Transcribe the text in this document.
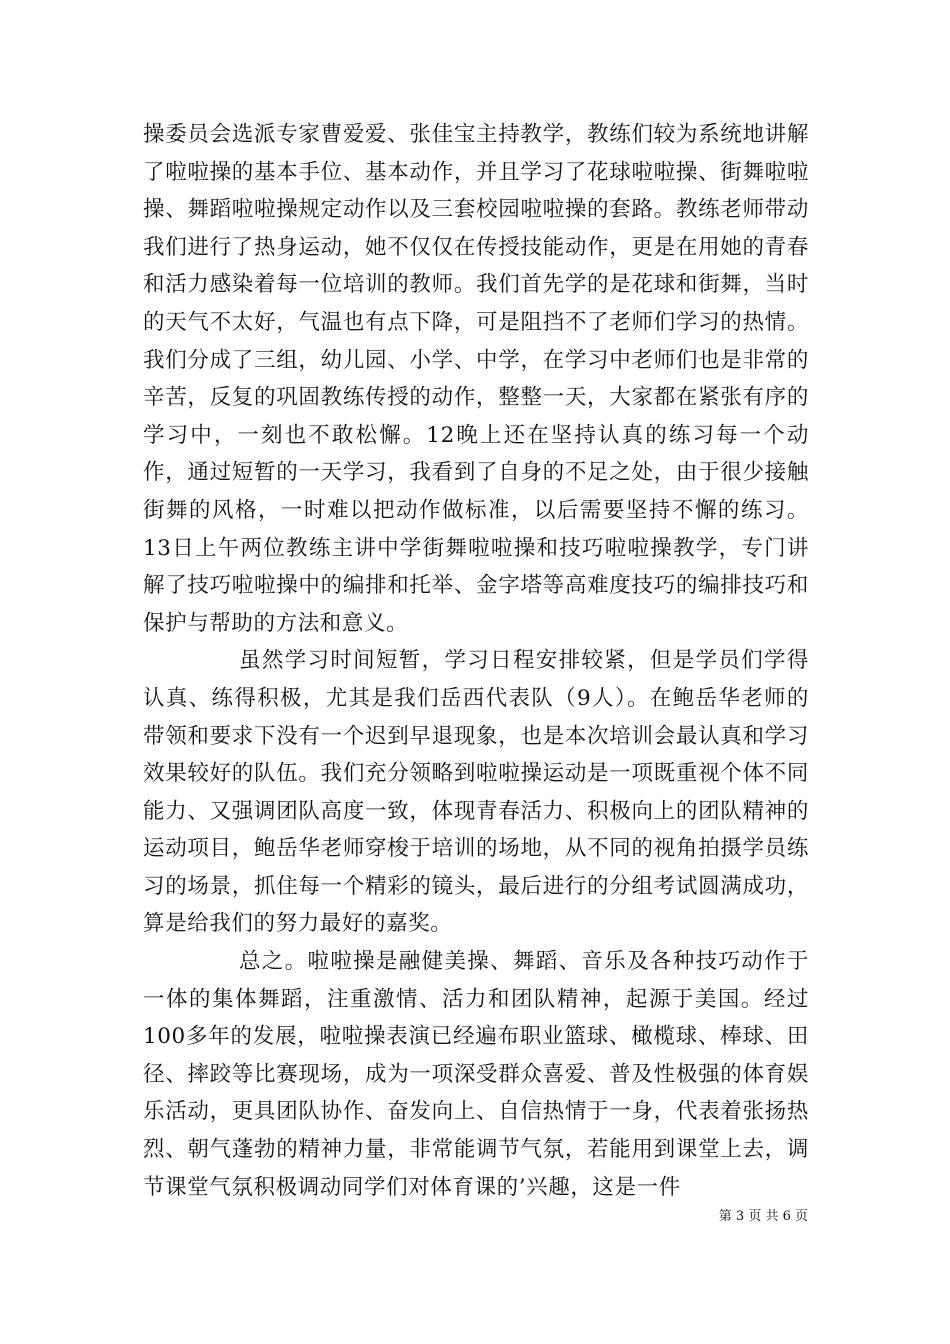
操委员会选派专家曹爱爱、张佳宝主持教学，教练们较为系统地讲解了啦啦操的基本手位、基本动作，并且学习了花球啦啦操、街舞啦啦操、舞蹈啦啦操规定动作以及三套校园啦啦操的套路。教练老师带动我们进行了热身运动，她不仅仅在传授技能动作，更是在用她的青春和活力感染着每一位培训的教师。我们首先学的是花球和街舞，当时的天气不太好，气温也有点下降，可是阻挡不了老师们学习的热情。我们分成了三组，幼儿园、小学、中学，在学习中老师们也是非常的辛苦，反复的巩固教练传授的动作，整整一天，大家都在紧张有序的学习中，一刻也不敢松懈。12晚上还在坚持认真的练习每一个动作，通过短暂的一天学习，我看到了自身的不足之处，由于很少接触街舞的风格，一时难以把动作做标准，以后需要坚持不懈的练习。13日上午两位教练主讲中学街舞啦啦操和技巧啦啦操教学，专门讲解了技巧啦啦操中的编排和托举、金字塔等高难度技巧的编排技巧和保护与帮助的方法和意义。

虽然学习时间短暂，学习日程安排较紧，但是学员们学得认真、练得积极，尤其是我们岳西代表队（9人）。在鲍岳华老师的带领和要求下没有一个迟到早退现象，也是本次培训会最认真和学习效果较好的队伍。我们充分领略到啦啦操运动是一项既重视个体不同能力、又强调团队高度一致，体现青春活力、积极向上的团队精神的运动项目，鲍岳华老师穿梭于培训的场地，从不同的视角拍摄学员练习的场景，抓住每一个精彩的镜头，最后进行的分组考试圆满成功，算是给我们的努力最好的嘉奖。

总之。啦啦操是融健美操、舞蹈、音乐及各种技巧动作于一体的集体舞蹈，注重激情、活力和团队精神，起源于美国。经过100多年的发展，啦啦操表演已经遍布职业篮球、橄榄球、棒球、田径、摔跤等比赛现场，成为一项深受群众喜爱、普及性极强的体育娱乐活动，更具团队协作、奋发向上、自信热情于一身，代表着张扬热烈、朝气蓬勃的精神力量，非常能调节气氛，若能用到课堂上去，调节课堂气氛积极调动同学们对体育课的’兴趣，这是一件

第 3 页 共 6 页
